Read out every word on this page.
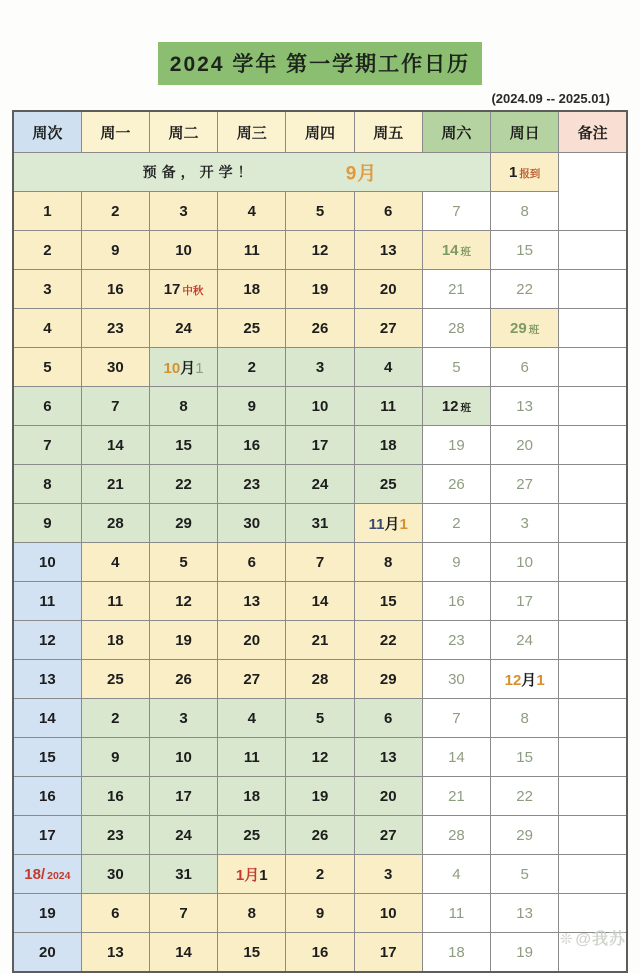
2024 学年 第一学期工作日历
(2024.09 -- 2025.01)
周次	周一	周二	周三	周四	周五	周六	周日	备注

预备，开学！ 9月							1 报到	
1	2	3	4	5	6	7	8	
2	9	10	11	12	13	14 班	15	
3	16	17 中秋	18	19	20	21	22	
4	23	24	25	26	27	28	29 班	
5	30	10月1	2	3	4	5	6	
6	7	8	9	10	11	12 班	13	
7	14	15	16	17	18	19	20	
8	21	22	23	24	25	26	27	
9	28	29	30	31	11月1	2	3	
10	4	5	6	7	8	9	10	
11	11	12	13	14	15	16	17	
12	18	19	20	21	22	23	24	
13	25	26	27	28	29	30	12月1	
14	2	3	4	5	6	7	8	
15	9	10	11	12	13	14	15	
16	16	17	18	19	20	21	22	
17	23	24	25	26	27	28	29	
18/ 2024	30	31	1月1	2	3	4	5	
19	6	7	8	9	10	11	13	
20	13	14	15	16	17	18	19	
❊ @我苏
